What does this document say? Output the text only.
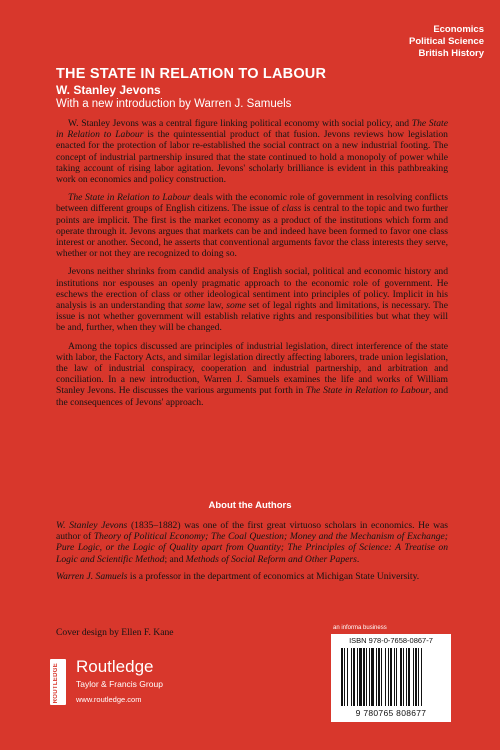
Economics
Political Science
British History
THE STATE IN RELATION TO LABOUR
W. Stanley Jevons
With a new introduction by Warren J. Samuels

W. Stanley Jevons was a central figure linking political economy with social policy, and The State in Relation to Labour is the quintessential product of that fusion. Jevons reviews how legislation enacted for the protection of labor re-established the social contract on a new industrial footing. The concept of industrial partnership insured that the state continued to hold a monopoly of power while taking account of rising labor agitation. Jevons' scholarly brilliance is evident in this pathbreaking work on economics and policy construction.

The State in Relation to Labour deals with the economic role of government in resolving conflicts between different groups of English citizens. The issue of class is central to the topic and two further points are implicit. The first is the market economy as a product of the institutions which form and operate through it. Jevons argues that markets can be and indeed have been formed to favor one class interest or another. Second, he asserts that conventional arguments favor the class interests they serve, whether or not they are recognized to doing so.

Jevons neither shrinks from candid analysis of English social, political and economic history and institutions nor espouses an openly pragmatic approach to the economic role of government. He eschews the erection of class or other ideological sentiment into principles of policy. Implicit in his analysis is an understanding that some law, some set of legal rights and limitations, is necessary. The issue is not whether government will establish relative rights and responsibilities but what they will be and, further, when they will be changed.

Among the topics discussed are principles of industrial legislation, direct interference of the state with labor, the Factory Acts, and similar legislation directly affecting laborers, trade union legislation, the law of industrial conspiracy, cooperation and industrial partnership, and arbitration and conciliation. In a new introduction, Warren J. Samuels examines the life and works of William Stanley Jevons. He discusses the various arguments put forth in The State in Relation to Labour, and the consequences of Jevons' approach.

About the Authors

W. Stanley Jevons (1835–1882) was one of the first great virtuoso scholars in economics. He was author of Theory of Political Economy; The Coal Question; Money and the Mechanism of Exchange; Pure Logic, or the Logic of Quality apart from Quantity; The Principles of Science: A Treatise on Logic and Scientific Method; and Methods of Social Reform and Other Papers.

Warren J. Samuels is a professor in the department of economics at Michigan State University.

Cover design by Ellen F. Kane
ROUTLEDGE Routledge
Taylor & Francis Group
www.routledge.com
an informa business
ISBN 978-0-7658-0867-7
9 780765 808677
